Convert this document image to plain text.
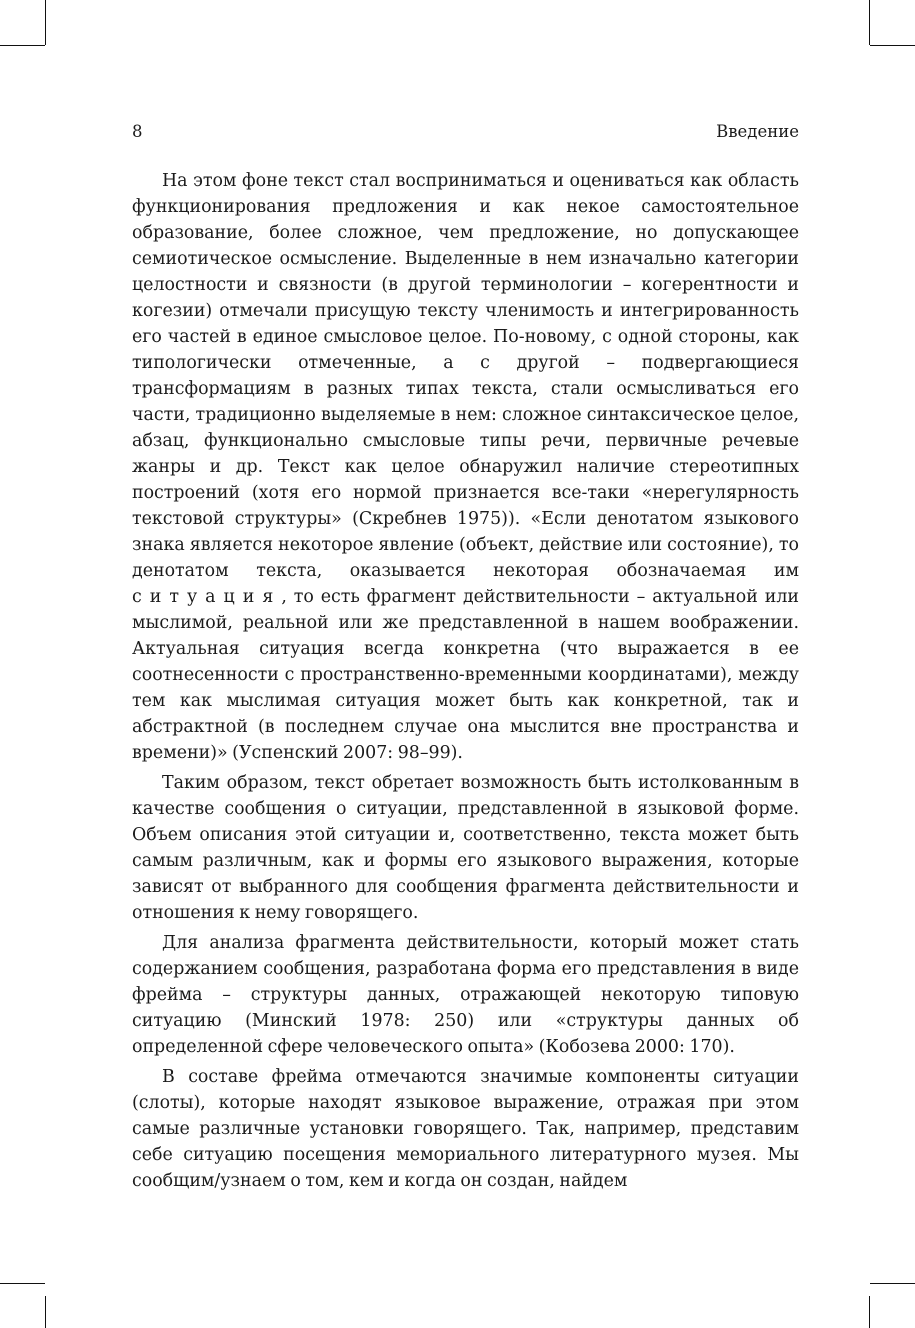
8	Введение

На этом фоне текст стал восприниматься и оцениваться как область функционирования предложения и как некое самостоятельное образование, более сложное, чем предложение, но допускающее семиотическое осмысление. Выделенные в нем изначально категории целостности и связности (в другой терминологии – когерентности и когезии) отмечали присущую тексту членимость и интегрированность его частей в единое смысловое целое. По-новому, с одной стороны, как типологически отмеченные, а с другой – подвергающиеся трансформациям в разных типах текста, стали осмысливаться его части, традиционно выделяемые в нем: сложное синтаксическое целое, абзац, функционально смысловые типы речи, первичные речевые жанры и др. Текст как целое обнаружил наличие стереотипных построений (хотя его нормой признается все-таки «нерегулярность текстовой структуры» (Скребнев 1975)). «Если денотатом языкового знака является некоторое явление (объект, действие или состояние), то денотатом текста, оказывается некоторая обозначаемая им ситуация, то есть фрагмент действительности – актуальной или мыслимой, реальной или же представленной в нашем воображении. Актуальная ситуация всегда конкретна (что выражается в ее соотнесенности с пространственно-временными координатами), между тем как мыслимая ситуация может быть как конкретной, так и абстрактной (в последнем случае она мыслится вне пространства и времени)» (Успенский 2007: 98–99).

Таким образом, текст обретает возможность быть истолкованным в качестве сообщения о ситуации, представленной в языковой форме. Объем описания этой ситуации и, соответственно, текста может быть самым различным, как и формы его языкового выражения, которые зависят от выбранного для сообщения фрагмента действительности и отношения к нему говорящего.

Для анализа фрагмента действительности, который может стать содержанием сообщения, разработана форма его представления в виде фрейма – структуры данных, отражающей некоторую типовую ситуацию (Минский 1978: 250) или «структуры данных об определенной сфере человеческого опыта» (Кобозева 2000: 170).

В составе фрейма отмечаются значимые компоненты ситуации (слоты), которые находят языковое выражение, отражая при этом самые различные установки говорящего. Так, например, представим себе ситуацию посещения мемориального литературного музея. Мы сообщим/узнаем о том, кем и когда он создан, найдем
